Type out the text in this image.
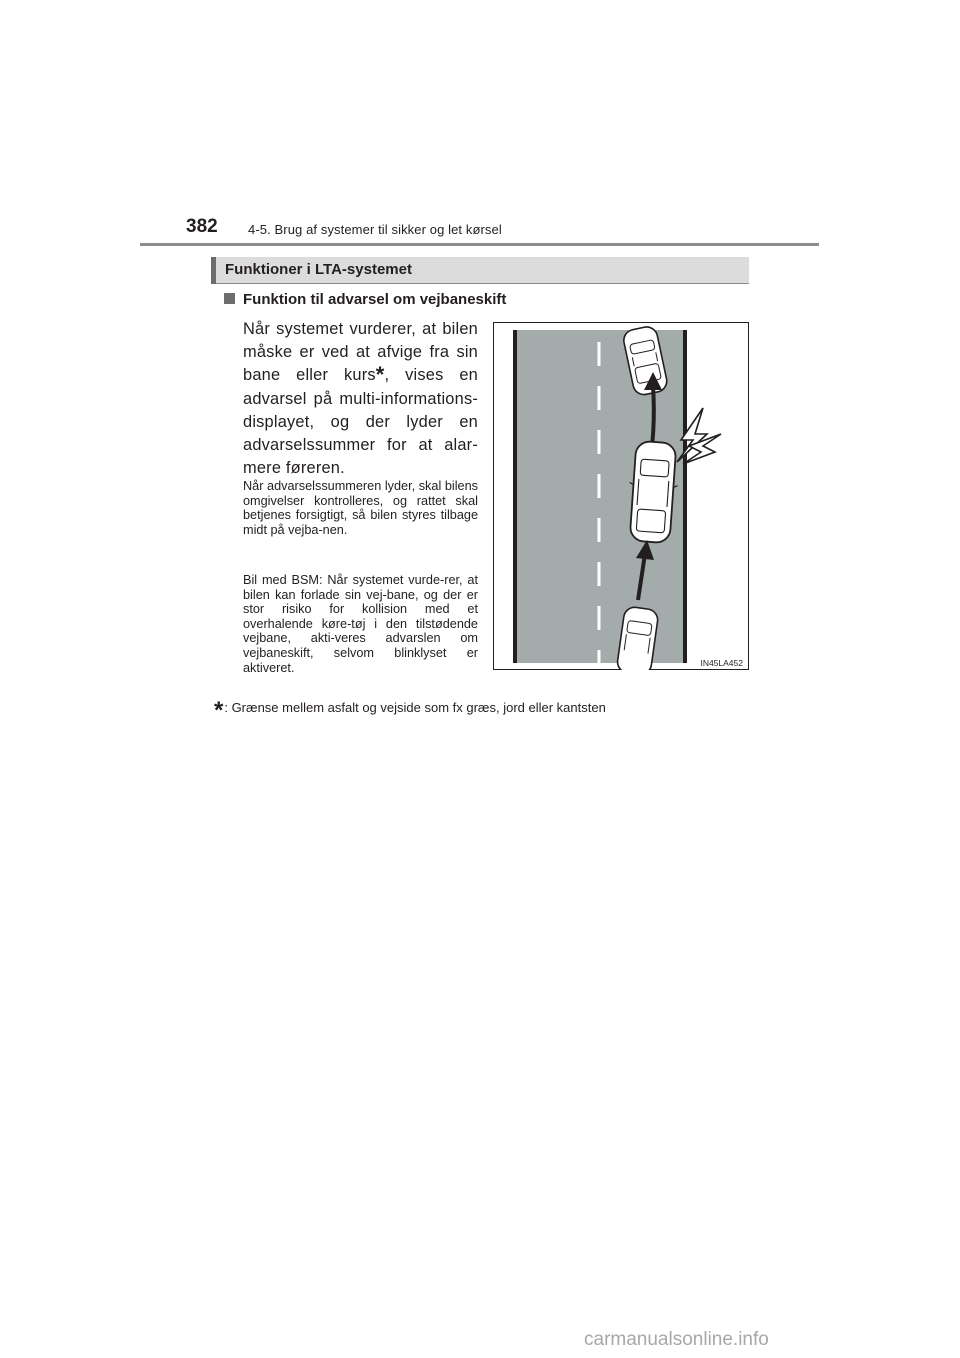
382 4-5. Brug af systemer til sikker og let kørsel
Funktioner i LTA-systemet
Funktion til advarsel om vejbaneskift
Når systemet vurderer, at bilen måske er ved at afvige fra sin bane eller kurs*, vises en advarsel på multi-informations-displayet, og der lyder en advarselssummer for at alar-mere føreren.
Når advarselssummeren lyder, skal bilens omgivelser kontrolleres, og rattet skal betjenes forsigtigt, så bilen styres tilbage midt på vejba-nen.
Bil med BSM: Når systemet vurde-rer, at bilen kan forlade sin vej-bane, og der er stor risiko for kollision med et overhalende køre-tøj i den tilstødende vejbane, akti-veres advarslen om vejbaneskift, selvom blinklyset er aktiveret.
*: Grænse mellem asfalt og vejside som fx græs, jord eller kantsten
IN45LA452
carmanualsonline.info
